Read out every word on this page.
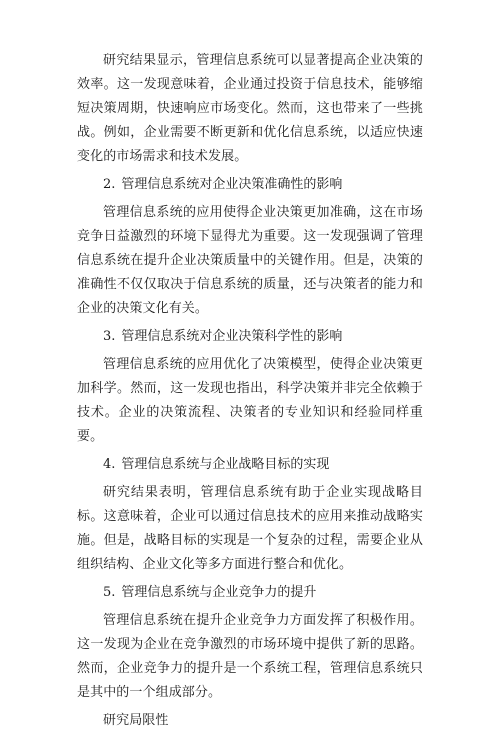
研究结果显示，管理信息系统可以显著提高企业决策的效率。这一发现意味着，企业通过投资于信息技术，能够缩短决策周期，快速响应市场变化。然而，这也带来了一些挑战。例如，企业需要不断更新和优化信息系统，以适应快速变化的市场需求和技术发展。

2. 管理信息系统对企业决策准确性的影响

管理信息系统的应用使得企业决策更加准确，这在市场竞争日益激烈的环境下显得尤为重要。这一发现强调了管理信息系统在提升企业决策质量中的关键作用。但是，决策的准确性不仅仅取决于信息系统的质量，还与决策者的能力和企业的决策文化有关。

3. 管理信息系统对企业决策科学性的影响

管理信息系统的应用优化了决策模型，使得企业决策更加科学。然而，这一发现也指出，科学决策并非完全依赖于技术。企业的决策流程、决策者的专业知识和经验同样重要。

4. 管理信息系统与企业战略目标的实现

研究结果表明，管理信息系统有助于企业实现战略目标。这意味着，企业可以通过信息技术的应用来推动战略实施。但是，战略目标的实现是一个复杂的过程，需要企业从组织结构、企业文化等多方面进行整合和优化。

5. 管理信息系统与企业竞争力的提升

管理信息系统在提升企业竞争力方面发挥了积极作用。这一发现为企业在竞争激烈的市场环境中提供了新的思路。然而，企业竞争力的提升是一个系统工程，管理信息系统只是其中的一个组成部分。

研究局限性
